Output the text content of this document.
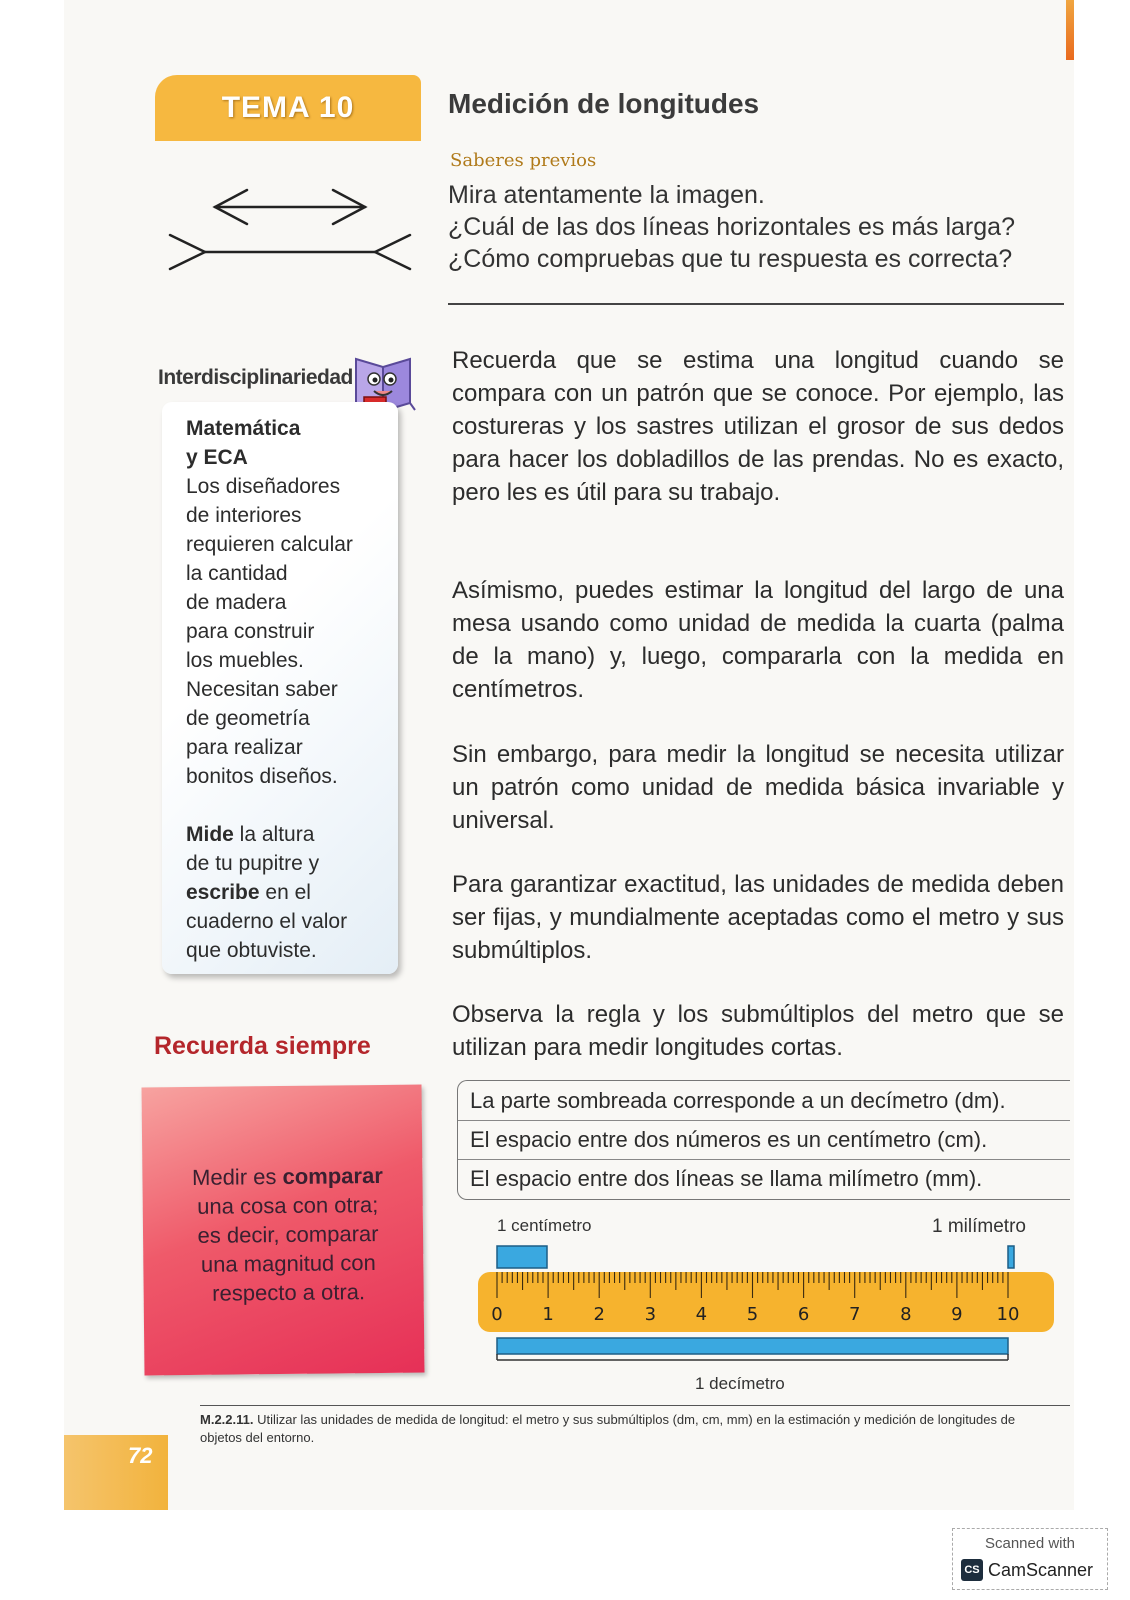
TEMA 10	Medición de longitudes
Saberes previos
Mira atentamente la imagen.
¿Cuál de las dos líneas horizontales es más larga?
¿Cómo compruebas que tu respuesta es correcta?
Interdisciplinariedad
Matemática
y ECA
Los diseñadores
de interiores
requieren calcular
la cantidad
de madera
para construir
los muebles.
Necesitan saber
de geometría
para realizar
bonitos diseños.
Mide la altura
de tu pupitre y
escribe en el
cuaderno el valor
que obtuviste.
Recuerda siempre
Medir es comparar
una cosa con otra;
es decir, comparar
una magnitud con
respecto a otra.
Recuerda que se estima una longitud cuando se compara con un patrón que se conoce. Por ejemplo, las costureras y los sastres utilizan el grosor de sus dedos para hacer los dobladillos de las prendas. No es exacto, pero les es útil para su trabajo.
Asímismo, puedes estimar la longitud del largo de una mesa usando como unidad de medida la cuarta (palma de la mano) y, luego, compararla con la medida en centímetros.
Sin embargo, para medir la longitud se necesita utilizar un patrón como unidad de medida básica invariable y universal.
Para garantizar exactitud, las unidades de medida deben ser fijas, y mundialmente aceptadas como el metro y sus submúltiplos.
Observa la regla y los submúltiplos del metro que se utilizan para medir longitudes cortas.
La parte sombreada corresponde a un decímetro (dm).
El espacio entre dos números es un centímetro (cm).
El espacio entre dos líneas se llama milímetro (mm).
1 centímetro	1 milímetro
0 1 2 3 4 5 6 7 8 9 10
1 decímetro
M.2.2.11. Utilizar las unidades de medida de longitud: el metro y sus submúltiplos (dm, cm, mm) en la estimación y medición de longitudes de objetos del entorno.
72
Scanned with
CS CamScanner
